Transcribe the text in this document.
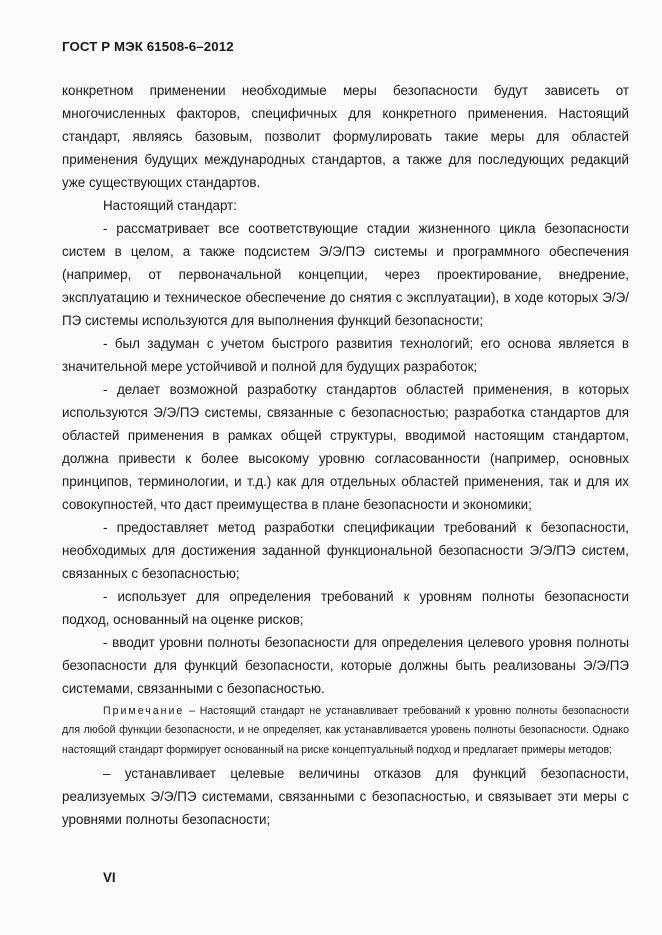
ГОСТ Р МЭК 61508-6–2012

конкретном применении необходимые меры безопасности будут зависеть от многочисленных факторов, специфичных для конкретного применения. Настоящий стандарт, являясь базовым, позволит формулировать такие меры для областей применения будущих международных стандартов, а также для последующих редакций уже существующих стандартов.

Настоящий стандарт:

- рассматривает все соответствующие стадии жизненного цикла безопасности систем в целом, а также подсистем Э/Э/ПЭ системы и программного обеспечения (например, от первоначальной концепции, через проектирование, внедрение, эксплуатацию и техническое обеспечение до снятия с эксплуатации), в ходе которых Э/Э/ПЭ системы используются для выполнения функций безопасности;

- был задуман с учетом быстрого развития технологий; его основа является в значительной мере устойчивой и полной для будущих разработок;

- делает возможной разработку стандартов областей применения, в которых используются Э/Э/ПЭ системы, связанные с безопасностью; разработка стандартов для областей применения в рамках общей структуры, вводимой настоящим стандартом, должна привести к более высокому уровню согласованности (например, основных принципов, терминологии, и т.д.) как для отдельных областей применения, так и для их совокупностей, что даст преимущества в плане безопасности и экономики;

- предоставляет метод разработки спецификации требований к безопасности, необходимых для достижения заданной функциональной безопасности Э/Э/ПЭ систем, связанных с безопасностью;

- использует для определения требований к уровням полноты безопасности подход, основанный на оценке рисков;

- вводит уровни полноты безопасности для определения целевого уровня полноты безопасности для функций безопасности, которые должны быть реализованы Э/Э/ПЭ системами, связанными с безопасностью.

Примечание – Настоящий стандарт не устанавливает требований к уровню полноты безопасности для любой функции безопасности, и не определяет, как устанавливается уровень полноты безопасности. Однако настоящий стандарт формирует основанный на риске концептуальный подход и предлагает примеры методов;

– устанавливает целевые величины отказов для функций безопасности, реализуемых Э/Э/ПЭ системами, связанными с безопасностью, и связывает эти меры с уровнями полноты безопасности;

VI
